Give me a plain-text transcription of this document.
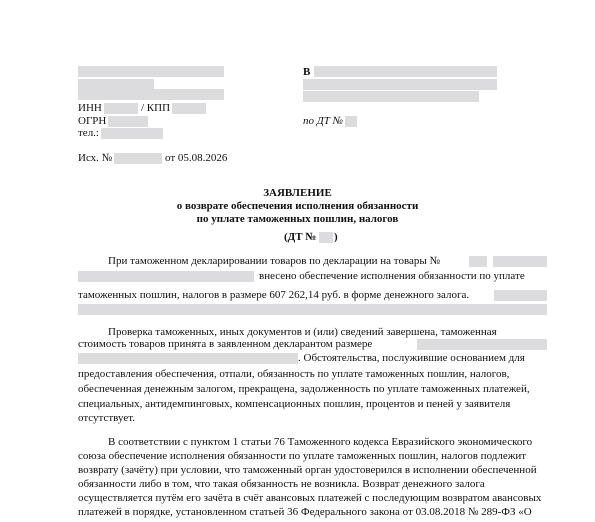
ИНН	/ КПП
ОГРН
тел.:
Исх. №	от 05.08.2026
В
по ДТ №
ЗАЯВЛЕНИЕ
о возврате обеспечения исполнения обязанности
по уплате таможенных пошлин, налогов
(ДТ № )
При таможенном декларировании товаров по декларации на товары №
внесено обеспечение исполнения обязанности по уплате
таможенных пошлин, налогов в размере 607 262,14 руб. в форме денежного залога.
Проверка таможенных, иных документов и (или) сведений завершена, таможенная
стоимость товаров принята в заявленном декларантом размере
. Обстоятельства, послужившие основанием для
предоставления обеспечения, отпали, обязанность по уплате таможенных пошлин, налогов,
обеспеченная денежным залогом, прекращена, задолженность по уплате таможенных платежей,
специальных, антидемпинговых, компенсационных пошлин, процентов и пеней у заявителя
отсутствует.
В соответствии с пунктом 1 статьи 76 Таможенного кодекса Евразийского экономического
союза обеспечение исполнения обязанности по уплате таможенных пошлин, налогов подлежит
возврату (зачёту) при условии, что таможенный орган удостоверился в исполнении обеспеченной
обязанности либо в том, что такая обязанность не возникла. Возврат денежного залога
осуществляется путём его зачёта в счёт авансовых платежей с последующим возвратом авансовых
платежей в порядке, установленном статьей 36 Федерального закона от 03.08.2018 № 289-ФЗ «О
